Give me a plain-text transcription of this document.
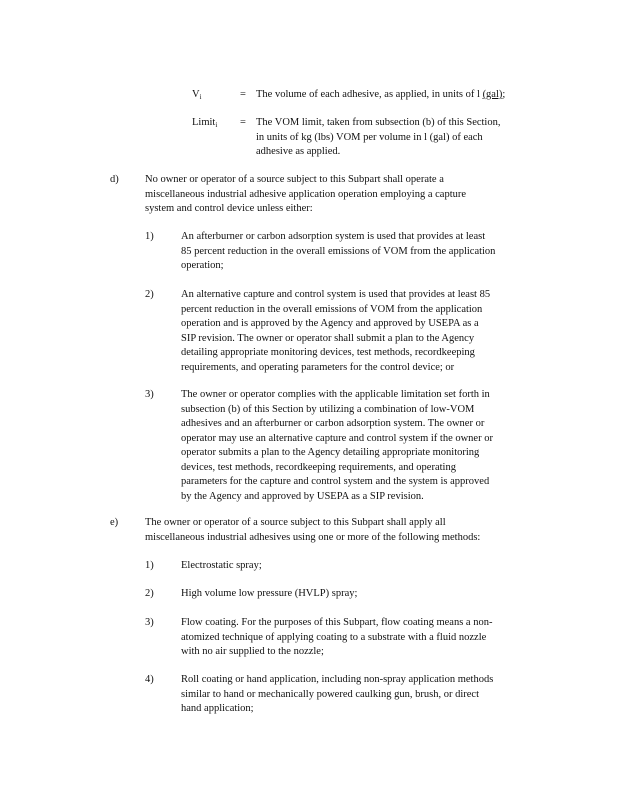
$V_i$	= The volume of each adhesive, as applied, in units of l (gal);
Limit$_i$ = The VOM limit, taken from subsection (b) of this Section,
in units of kg (lbs) VOM per volume in l (gal) of each
adhesive as applied.
d)	No owner or operator of a source subject to this Subpart shall operate a
miscellaneous industrial adhesive application operation employing a capture
system and control device unless either:
1)	An afterburner or carbon adsorption system is used that provides at least
85 percent reduction in the overall emissions of VOM from the application
operation;
2)	An alternative capture and control system is used that provides at least 85
percent reduction in the overall emissions of VOM from the application
operation and is approved by the Agency and approved by USEPA as a
SIP revision. The owner or operator shall submit a plan to the Agency
detailing appropriate monitoring devices, test methods, recordkeeping
requirements, and operating parameters for the control device; or
3)	The owner or operator complies with the applicable limitation set forth in
subsection (b) of this Section by utilizing a combination of low-VOM
adhesives and an afterburner or carbon adsorption system. The owner or
operator may use an alternative capture and control system if the owner or
operator submits a plan to the Agency detailing appropriate monitoring
devices, test methods, recordkeeping requirements, and operating
parameters for the capture and control system and the system is approved
by the Agency and approved by USEPA as a SIP revision.
e)	The owner or operator of a source subject to this Subpart shall apply all
miscellaneous industrial adhesives using one or more of the following methods:
1)	Electrostatic spray;
2)	High volume low pressure (HVLP) spray;
3)	Flow coating. For the purposes of this Subpart, flow coating means a non-
atomized technique of applying coating to a substrate with a fluid nozzle
with no air supplied to the nozzle;
4)	Roll coating or hand application, including non-spray application methods
similar to hand or mechanically powered caulking gun, brush, or direct
hand application;
